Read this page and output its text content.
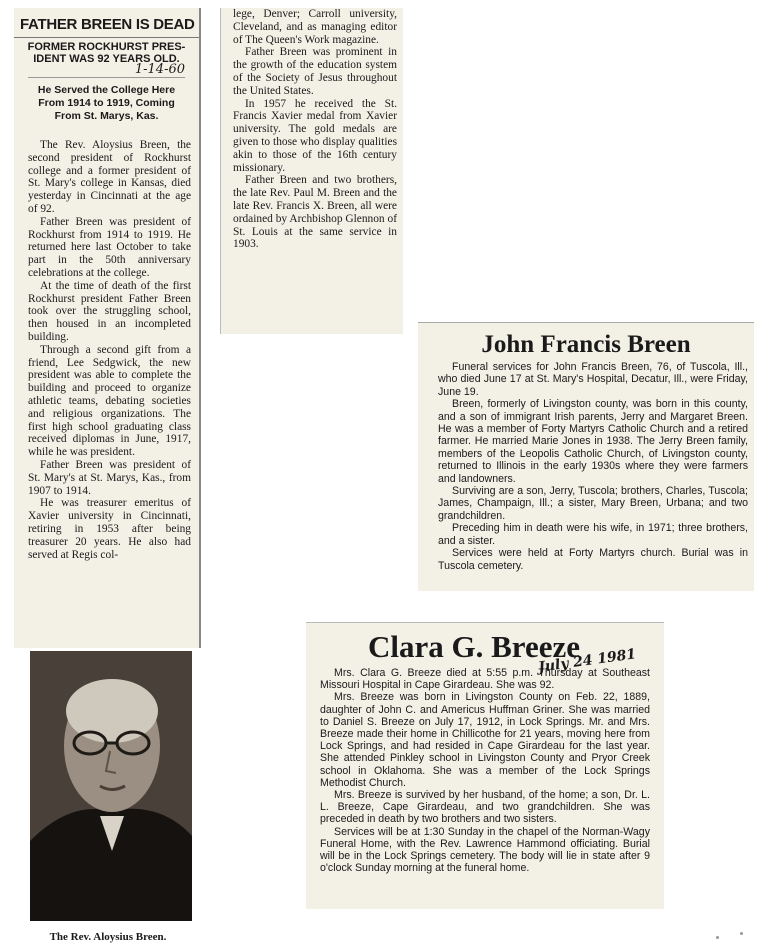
FATHER BREEN IS DEAD
FORMER ROCKHURST PRES-
IDENT WAS 92 YEARS OLD.
1-14-60
He Served the College Here
From 1914 to 1919, Coming
From St. Marys, Kas.

The Rev. Aloysius Breen, the second president of Rockhurst college and a former president of St. Mary's college in Kansas, died yesterday in Cincinnati at the age of 92.

Father Breen was president of Rockhurst from 1914 to 1919. He returned here last October to take part in the 50th anniversary celebrations at the college.

At the time of death of the first Rockhurst president Father Breen took over the struggling school, then housed in an incompleted building.

Through a second gift from a friend, Lee Sedgwick, the new president was able to complete the building and proceed to organize athletic teams, debating societies and religious organizations. The first high school graduating class received diplomas in June, 1917, while he was president.

Father Breen was president of St. Mary's at St. Marys, Kas., from 1907 to 1914.

He was treasurer emeritus of Xavier university in Cincinnati, retiring in 1953 after being treasurer 20 years. He also had served at Regis col-

The Rev. Aloysius Breen.

lege, Denver; Carroll university, Cleveland, and as managing editor of The Queen's Work magazine.

Father Breen was prominent in the growth of the education system of the Society of Jesus throughout the United States.

In 1957 he received the St. Francis Xavier medal from Xavier university. The gold medals are given to those who display qualities akin to those of the 16th century missionary.

Father Breen and two brothers, the late Rev. Paul M. Breen and the late Rev. Francis X. Breen, all were ordained by Archbishop Glennon of St. Louis at the same service in 1903.

John Francis Breen

Funeral services for John Francis Breen, 76, of Tuscola, Ill., who died June 17 at St. Mary's Hospital, Decatur, Ill., were Friday, June 19.

Breen, formerly of Livingston county, was born in this county, and a son of immigrant Irish parents, Jerry and Margaret Breen. He was a member of Forty Martyrs Catholic Church and a retired farmer. He married Marie Jones in 1938. The Jerry Breen family, members of the Leopolis Catholic Church, of Livingston county, returned to Illinois in the early 1930s where they were farmers and landowners.

Surviving are a son, Jerry, Tuscola; brothers, Charles, Tuscola; James, Champaign, Ill.; a sister, Mary Breen, Urbana; and two grandchildren.

Preceding him in death were his wife, in 1971; three brothers, and a sister.

Services were held at Forty Martyrs church. Burial was in Tuscola cemetery.

Clara G. Breeze
July 24 1981

Mrs. Clara G. Breeze died at 5:55 p.m. Thursday at Southeast Missouri Hospital in Cape Girardeau. She was 92.

Mrs. Breeze was born in Livingston County on Feb. 22, 1889, daughter of John C. and Americus Huffman Griner. She was married to Daniel S. Breeze on July 17, 1912, in Lock Springs. Mr. and Mrs. Breeze made their home in Chillicothe for 21 years, moving here from Lock Springs, and had resided in Cape Girardeau for the last year. She attended Pinkley school in Livingston County and Pryor Creek school in Oklahoma. She was a member of the Lock Springs Methodist Church.

Mrs. Breeze is survived by her husband, of the home; a son, Dr. L. L. Breeze, Cape Girardeau, and two grandchildren. She was preceded in death by two brothers and two sisters.

Services will be at 1:30 Sunday in the chapel of the Norman-Wagy Funeral Home, with the Rev. Lawrence Hammond officiating. Burial will be in the Lock Springs cemetery. The body will lie in state after 9 o'clock Sunday morning at the funeral home.
